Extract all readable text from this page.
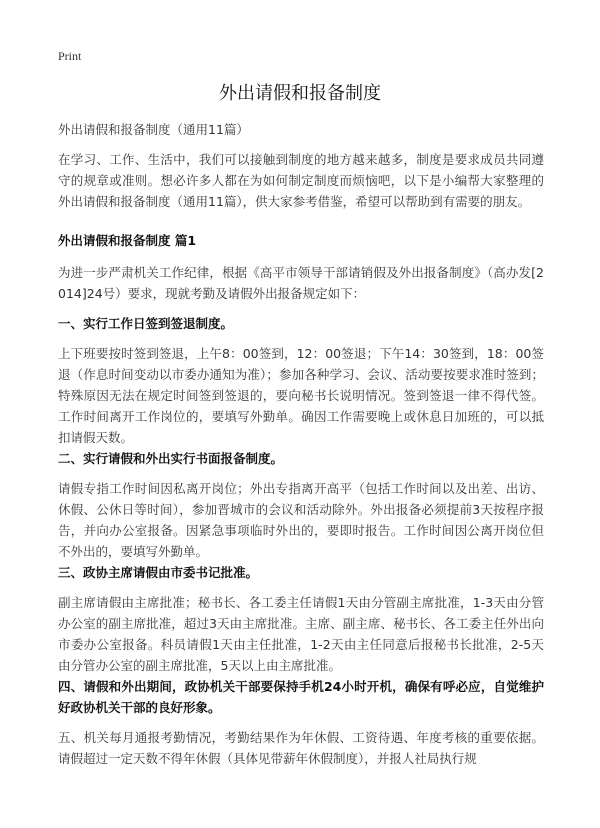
Print
外出请假和报备制度

外出请假和报备制度（通用11篇）

在学习、工作、生活中，我们可以接触到制度的地方越来越多，制度是要求成员共同遵守的规章或准则。想必许多人都在为如何制定制度而烦恼吧，以下是小编帮大家整理的外出请假和报备制度（通用11篇），供大家参考借鉴，希望可以帮助到有需要的朋友。

外出请假和报备制度 篇1

为进一步严肃机关工作纪律，根据《高平市领导干部请销假及外出报备制度》（高办发[2014]24号）要求，现就考勤及请假外出报备规定如下：

一、实行工作日签到签退制度。

上下班要按时签到签退，上午8：00签到，12：00签退；下午14：30签到，18：00签退（作息时间变动以市委办通知为准）；参加各种学习、会议、活动要按要求准时签到；特殊原因无法在规定时间签到签退的，要向秘书长说明情况。签到签退一律不得代签。工作时间离开工作岗位的，要填写外勤单。确因工作需要晚上或休息日加班的，可以抵扣请假天数。

二、实行请假和外出实行书面报备制度。

请假专指工作时间因私离开岗位；外出专指离开高平（包括工作时间以及出差、出访、休假、公休日等时间），参加晋城市的会议和活动除外。外出报备必须提前3天按程序报告，并向办公室报备。因紧急事项临时外出的，要即时报告。工作时间因公离开岗位但不外出的，要填写外勤单。

三、政协主席请假由市委书记批准。

副主席请假由主席批准；秘书长、各工委主任请假1天由分管副主席批准，1-3天由分管办公室的副主席批准，超过3天由主席批准。主席、副主席、秘书长、各工委主任外出向市委办公室报备。科员请假1天由主任批准，1-2天由主任同意后报秘书长批准，2-5天由分管办公室的副主席批准，5天以上由主席批准。

四、请假和外出期间，政协机关干部要保持手机24小时开机，确保有呼必应，自觉维护好政协机关干部的良好形象。

五、机关每月通报考勤情况，考勤结果作为年休假、工资待遇、年度考核的重要依据。请假超过一定天数不得年休假（具体见带薪年休假制度），并报人社局执行规
